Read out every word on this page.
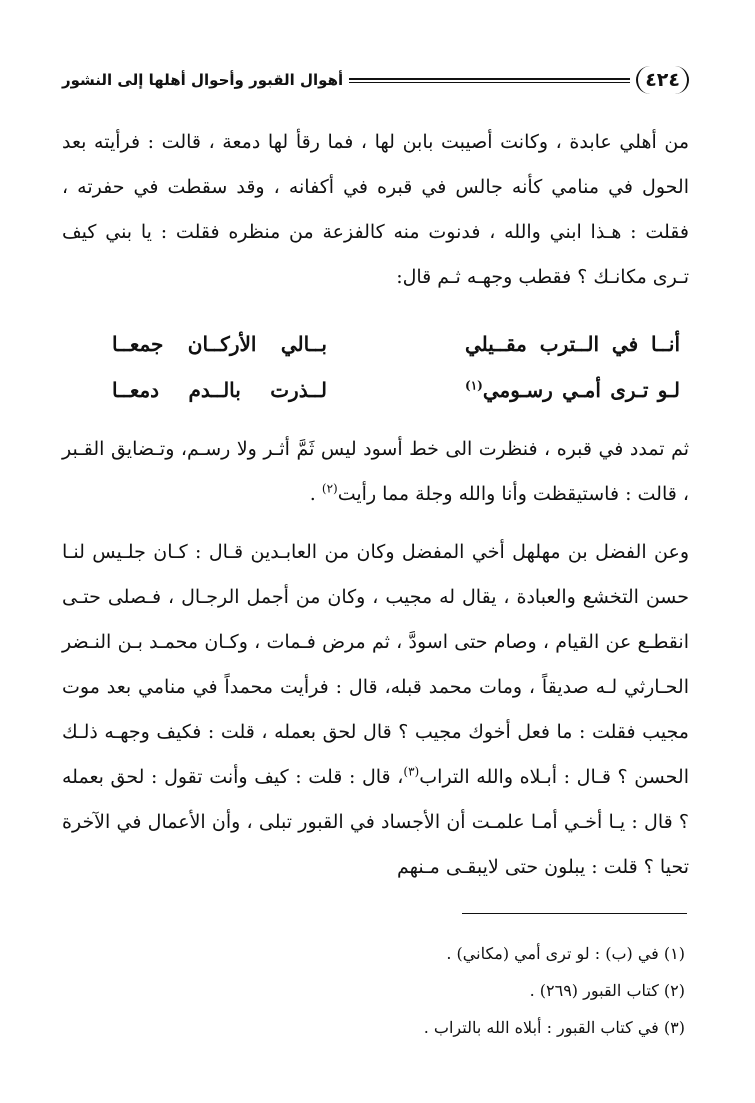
٤٢٤
أهوال القبور وأحوال أهلها إلى النشور

من أهلي عابدة ، وكانت أصيبت بابن لها ، فما رقأ لها دمعة ، قالت : فرأيته بعد الحول في منامي كأنه جالس في قبره في أكفانه ، وقد سقطت في حفرته ، فقلت : هـذا ابني والله ، فدنوت منه كالفزعة من منظره فقلت : يا بني كيف تـرى مكانـك ؟ فقطب وجهـه ثـم قال:

أنــا في الــترب مقــيلي
بــالي الأركــان جمعــا
لـو تـرى أمـي رسـومي$^{(١)}$
لــذرت بالــدم دمعــا

ثم تمدد في قبره ، فنظرت الى خط أسود ليس ثَمَّ أثـر ولا رسـم، وتـضايق القـبر ، قالت : فاستيقظت وأنا والله وجلة مما رأيت$^{(٢)}$ .

وعن الفضل بن مهلهل أخي المفضل وكان من العابـدين قـال : كـان جلـيس لنـا حسن التخشع والعبادة ، يقال له مجيب ، وكان من أجمل الرجـال ، فـصلى حتـى انقطـع عن القيام ، وصام حتى اسودَّ ، ثم مرض فـمات ، وكـان محمـد بـن النـضر الحـارثي لـه صديقاً ، ومات محمد قبله، قال : فرأيت محمداً في منامي بعد موت مجيب فقلت : ما فعل أخوك مجيب ؟ قال لحق بعمله ، قلت : فكيف وجهـه ذلـك الحسن ؟ قـال : أبـلاه والله التراب$^{(٣)}$، قال : قلت : كيف وأنت تقول : لحق بعمله ؟ قال : يـا أخـي أمـا علمـت أن الأجساد في القبور تبلى ، وأن الأعمال في الآخرة تحيا ؟ قلت : يبلون حتى لايبقـى مـنهم

(١) في (ب) : لو ترى أمي (مكاني) .
(٢) كتاب القبور (٢٦٩) .
(٣) في كتاب القبور : أبلاه الله بالتراب .
